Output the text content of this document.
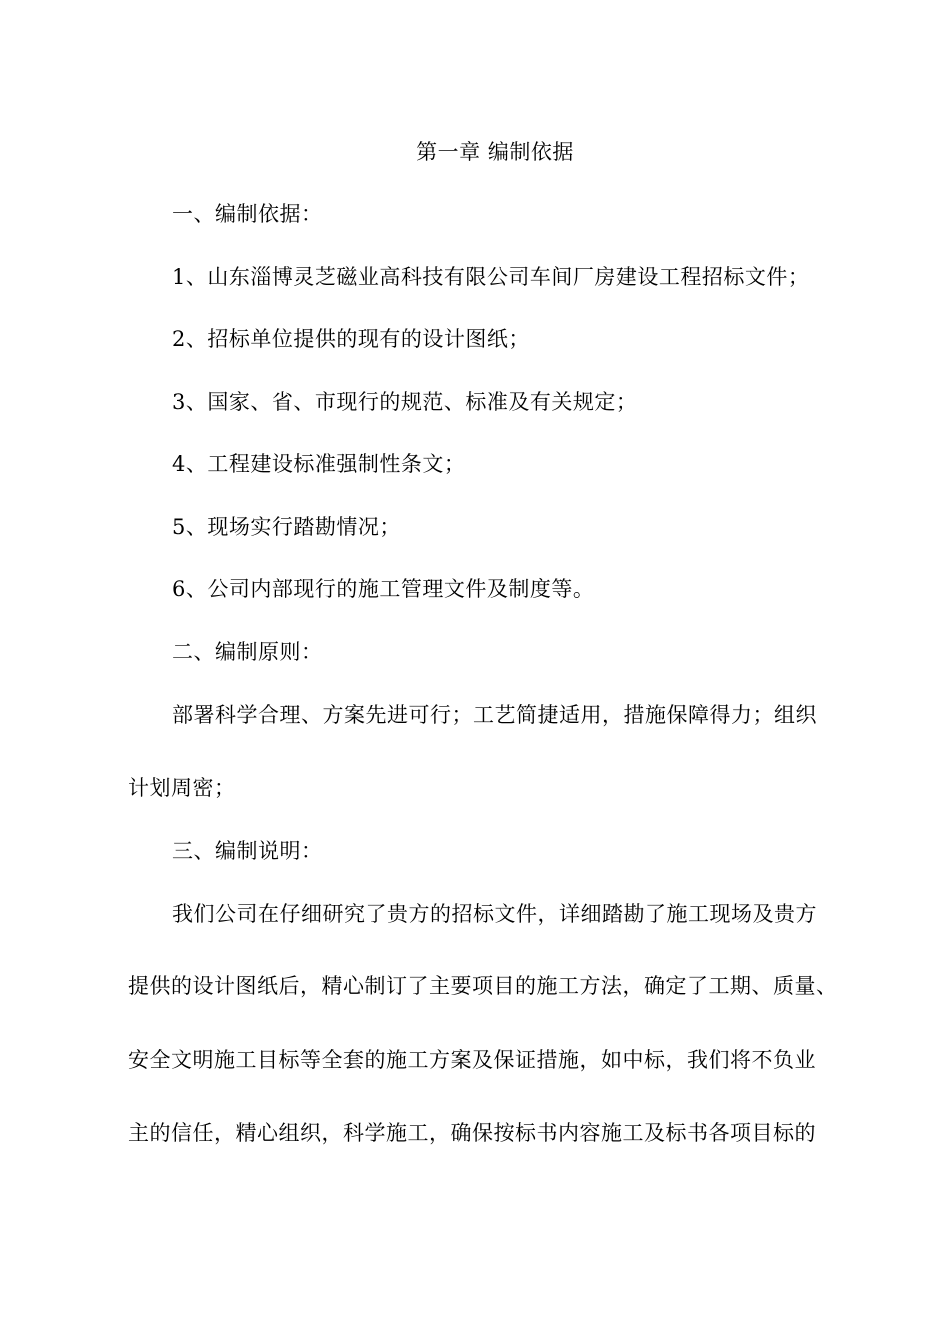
第一章 编制依据
一、编制依据：
1、山东淄博灵芝磁业高科技有限公司车间厂房建设工程招标文件；
2、招标单位提供的现有的设计图纸；
3、国家、省、市现行的规范、标准及有关规定；
4、工程建设标准强制性条文；
5、现场实行踏勘情况；
6、公司内部现行的施工管理文件及制度等。
二、编制原则：
部署科学合理、方案先进可行；工艺简捷适用，措施保障得力；组织
计划周密；
三、编制说明：
我们公司在仔细研究了贵方的招标文件，详细踏勘了施工现场及贵方
提供的设计图纸后，精心制订了主要项目的施工方法，确定了工期、质量、
安全文明施工目标等全套的施工方案及保证措施，如中标，我们将不负业
主的信任，精心组织，科学施工，确保按标书内容施工及标书各项目标的
